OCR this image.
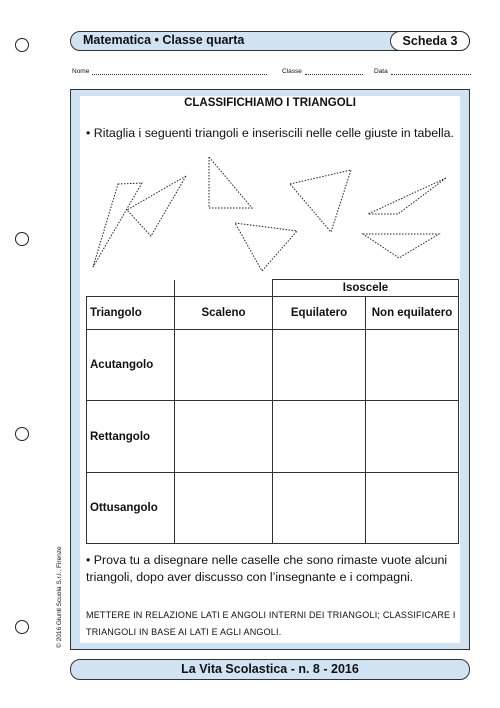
Matematica • Classe quarta	Scheda 3
Nome	Classe	Data
CLASSIFICHIAMO I TRIANGOLI
• Ritaglia i seguenti triangoli e inseriscili nelle celle giuste in tabella.
		Isoscele	
Triangolo	Scaleno	Equilatero	Non equilatero
Acutangolo			
Rettangolo			
Ottusangolo			
• Prova tu a disegnare nelle caselle che sono rimaste vuote alcuni triangoli, dopo aver discusso con l’insegnante e i compagni.
METTERE IN RELAZIONE LATI E ANGOLI INTERNI DEI TRIANGOLI; CLASSIFICARE I TRIANGOLI IN BASE AI LATI E AGLI ANGOLI.
La Vita Scolastica - n. 8 - 2016
© 2016 Giunti Scuola S.r.l., Firenze
